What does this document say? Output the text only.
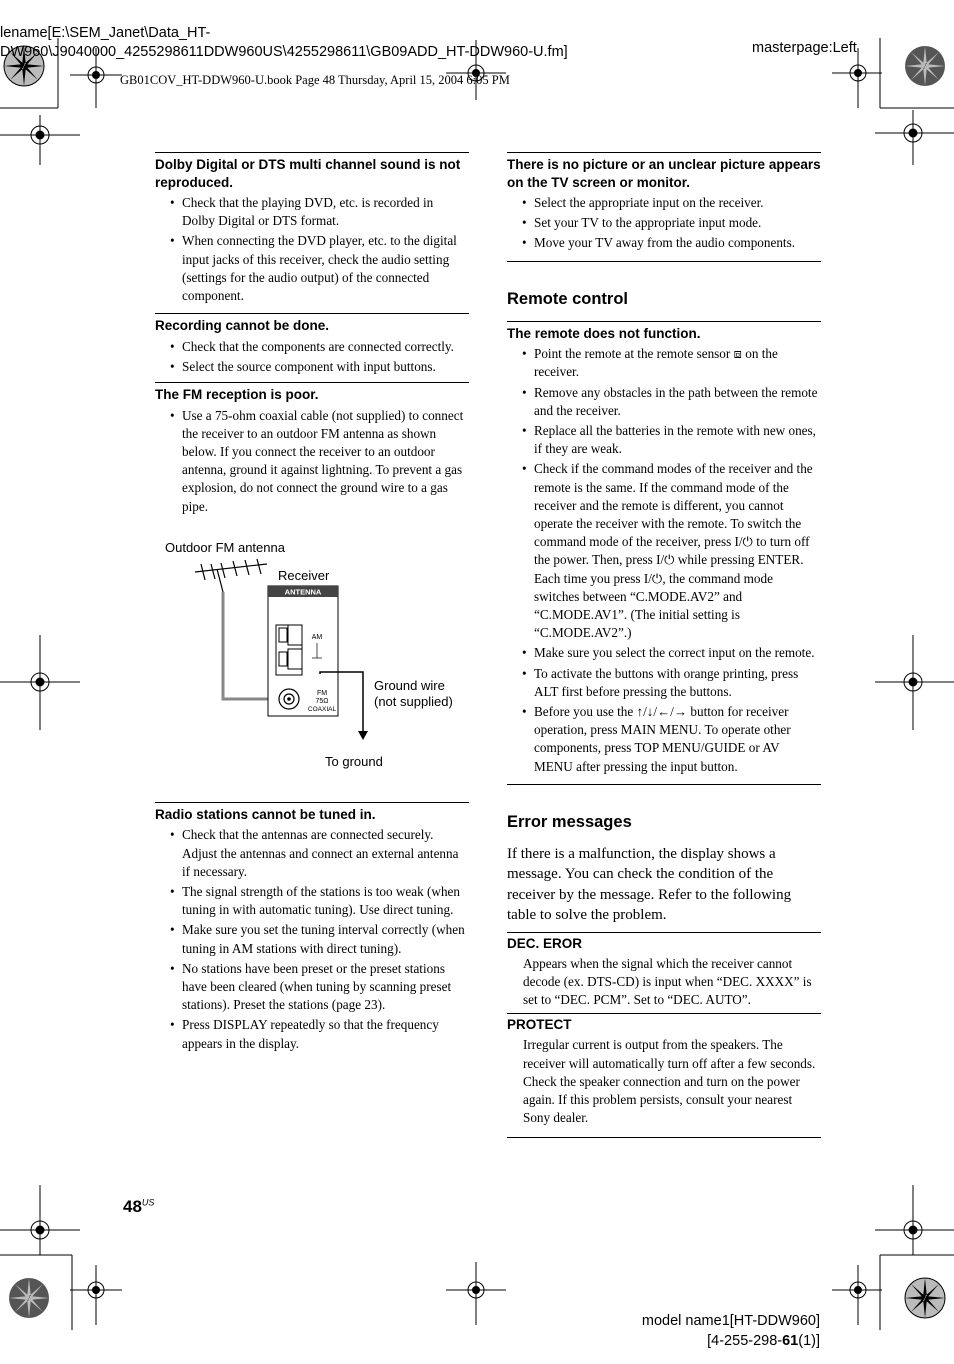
lename[E:\SEM_Janet\Data_HT-
DW960\J9040000_4255298611DDW960US\4255298611\GB09ADD_HT-DDW960-U.fm]	masterpage:Left
GB01COV_HT-DDW960-U.book Page 48 Thursday, April 15, 2004 6:05 PM

Dolby Digital or DTS multi channel sound is not reproduced.

• Check that the playing DVD, etc. is recorded in Dolby Digital or DTS format.
• When connecting the DVD player, etc. to the digital input jacks of this receiver, check the audio setting (settings for the audio output) of the connected component.

Recording cannot be done.

• Check that the components are connected correctly.
• Select the source component with input buttons.

The FM reception is poor.

• Use a 75-ohm coaxial cable (not supplied) to connect the receiver to an outdoor FM antenna as shown below. If you connect the receiver to an outdoor antenna, ground it against lightning. To prevent a gas explosion, do not connect the ground wire to a gas pipe.
Outdoor FM antenna
Receiver
Ground wire
(not supplied)
To ground
ANTENNA
AM
FM
75Ω
COAXIAL

Radio stations cannot be tuned in.

• Check that the antennas are connected securely. Adjust the antennas and connect an external antenna if necessary.
• The signal strength of the stations is too weak (when tuning in with automatic tuning). Use direct tuning.
• Make sure you set the tuning interval correctly (when tuning in AM stations with direct tuning).
• No stations have been preset or the preset stations have been cleared (when tuning by scanning preset stations). Preset the stations (page 23).
• Press DISPLAY repeatedly so that the frequency appears in the display.

There is no picture or an unclear picture appears on the TV screen or monitor.

• Select the appropriate input on the receiver.
• Set your TV to the appropriate input mode.
• Move your TV away from the audio components.
Remote control

The remote does not function.

• Point the remote at the remote sensor ⧈ on the receiver.
• Remove any obstacles in the path between the remote and the receiver.
• Replace all the batteries in the remote with new ones, if they are weak.
• Check if the command modes of the receiver and the remote is the same. If the command mode of the receiver and the remote is different, you cannot operate the receiver with the remote. To switch the command mode of the receiver, press I/⏻ to turn off the power. Then, press I/⏻ while pressing ENTER. Each time you press I/⏻, the command mode switches between “C.MODE.AV2” and “C.MODE.AV1”. (The initial setting is “C.MODE.AV2”.)
• Make sure you select the correct input on the remote.
• To activate the buttons with orange printing, press ALT first before pressing the buttons.
• Before you use the ↑/↓/←/→ button for receiver operation, press MAIN MENU. To operate other components, press TOP MENU/GUIDE or AV MENU after pressing the input button.
Error messages

If there is a malfunction, the display shows a message. You can check the condition of the receiver by the message. Refer to the following table to solve the problem.

DEC. EROR

Appears when the signal which the receiver cannot decode (ex. DTS-CD) is input when “DEC. XXXX” is set to “DEC. PCM”. Set to “DEC. AUTO”.

PROTECT

Irregular current is output from the speakers. The receiver will automatically turn off after a few seconds. Check the speaker connection and turn on the power again. If this problem persists, consult your nearest Sony dealer.

$48^{US}$
model name1[HT-DDW960]
[4-255-298-61(1)]
